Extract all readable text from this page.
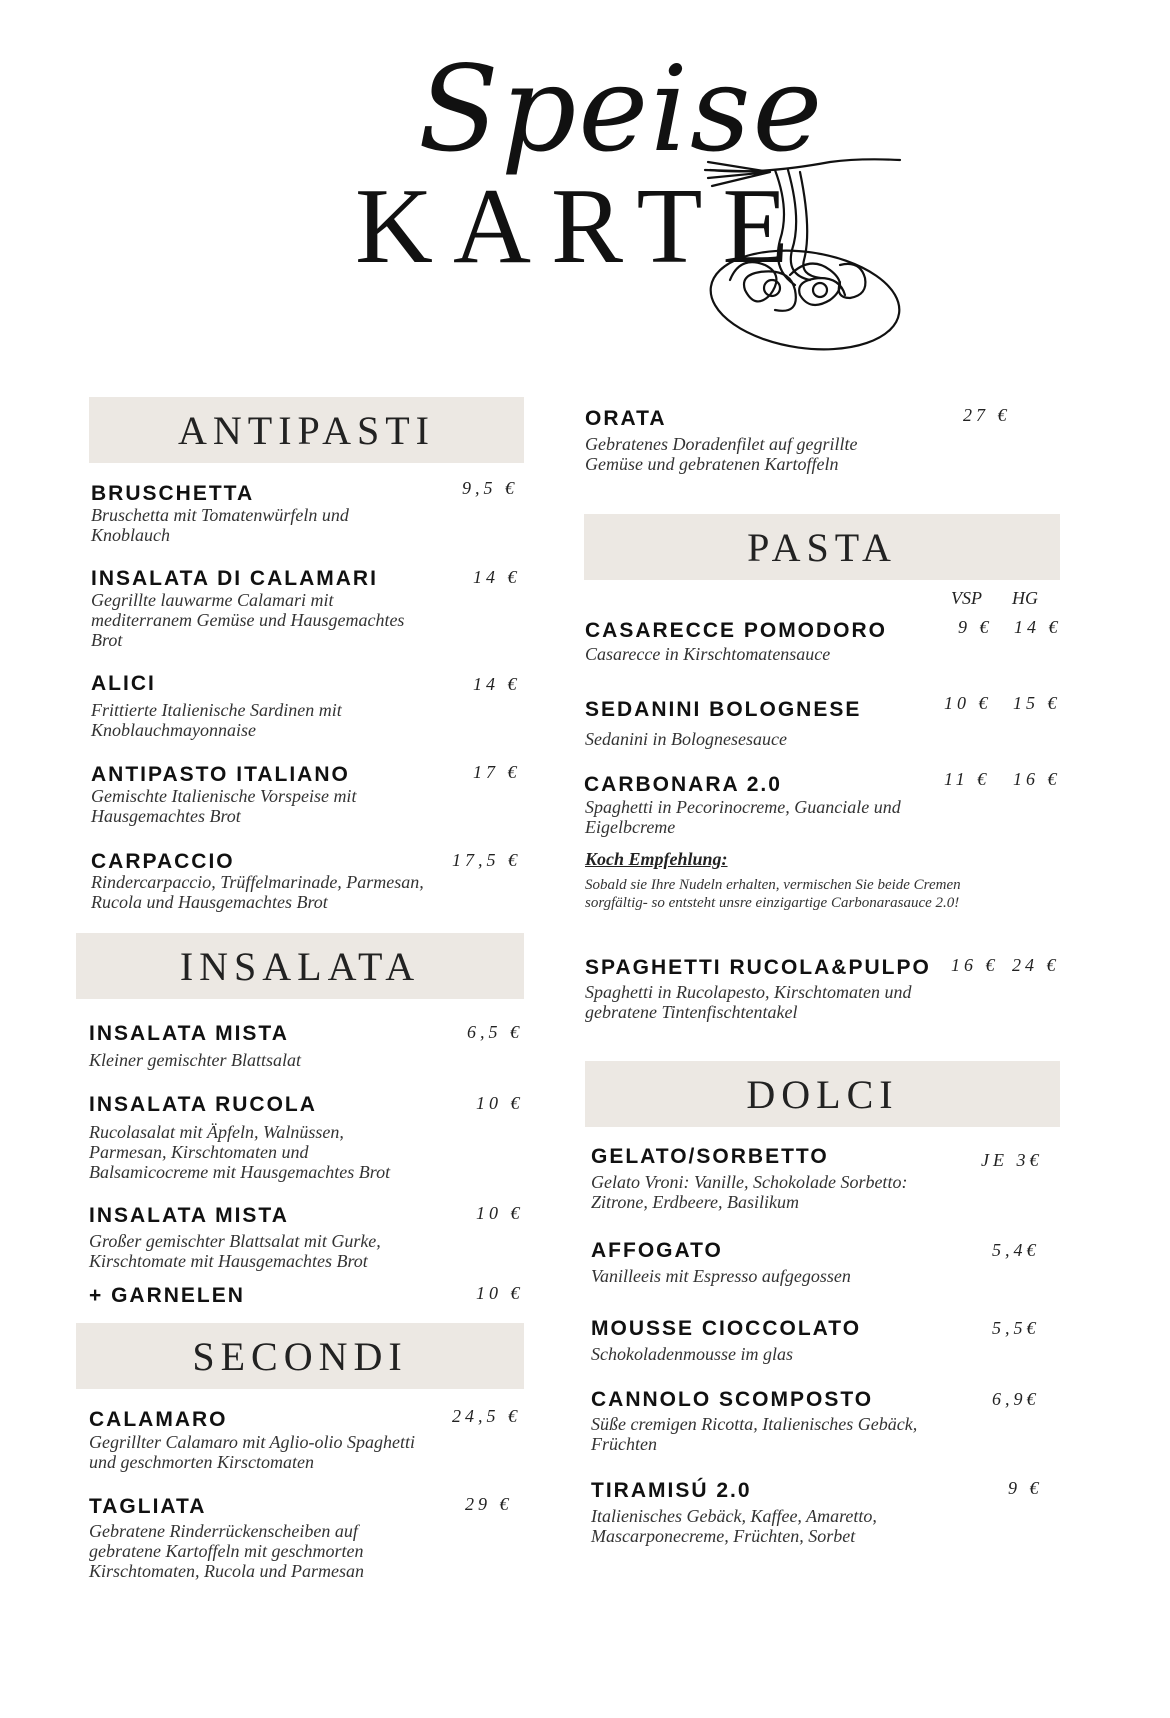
Speise
KARTE
ANTIPASTI
BRUSCHETTA	9,5 €
Bruschetta mit Tomatenwürfeln und Knoblauch
INSALATA DI CALAMARI	14 €
Gegrillte lauwarme Calamari mit mediterranem Gemüse und Hausgemachtes Brot
ALICI	14 €
Frittierte Italienische Sardinen mit Knoblauchmayonnaise
ANTIPASTO ITALIANO	17 €
Gemischte Italienische Vorspeise mit Hausgemachtes Brot
CARPACCIO	17,5 €
Rindercarpaccio, Trüffelmarinade, Parmesan, Rucola und Hausgemachtes Brot
INSALATA
INSALATA MISTA	6,5 €
Kleiner gemischter Blattsalat
INSALATA RUCOLA	10 €
Rucolasalat mit Äpfeln, Walnüssen, Parmesan, Kirschtomaten und Balsamicocreme mit Hausgemachtes Brot
INSALATA MISTA	10 €
Großer gemischter Blattsalat mit Gurke, Kirschtomate mit Hausgemachtes Brot
+ GARNELEN	10 €
SECONDI
CALAMARO	24,5 €
Gegrillter Calamaro mit Aglio-olio Spaghetti und geschmorten Kirsctomaten
TAGLIATA	29 €
Gebratene Rinderrückenscheiben auf gebratene Kartoffeln mit geschmorten Kirschtomaten, Rucola und Parmesan
ORATA	27 €
Gebratenes Doradenfilet auf gegrillte Gemüse und gebratenen Kartoffeln
PASTA
VSP HG
CASARECCE POMODORO	9 € 14 €
Casarecce in Kirschtomatensauce
SEDANINI BOLOGNESE	10 € 15 €
Sedanini in Bolognesesauce
CARBONARA 2.0	11 € 16 €
Spaghetti in Pecorinocreme, Guanciale und Eigelbcreme
Koch Empfehlung:
Sobald sie Ihre Nudeln erhalten, vermischen Sie beide Cremen sorgfältig- so entsteht unsre einzigartige Carbonarasauce 2.0!
SPAGHETTI RUCOLA&PULPO 16 € 24 €
Spaghetti in Rucolapesto, Kirschtomaten und gebratene Tintenfischtentakel
DOLCI
GELATO/SORBETTO	JE 3€
Gelato Vroni: Vanille, Schokolade Sorbetto: Zitrone, Erdbeere, Basilikum
AFFOGATO	5,4€
Vanilleeis mit Espresso aufgegossen
MOUSSE CIOCCOLATO	5,5€
Schokoladenmousse im glas
CANNOLO SCOMPOSTO	6,9€
Süße cremigen Ricotta, Italienisches Gebäck, Früchten
TIRAMISÚ 2.0	9 €
Italienisches Gebäck, Kaffee, Amaretto, Mascarponecreme, Früchten, Sorbet
